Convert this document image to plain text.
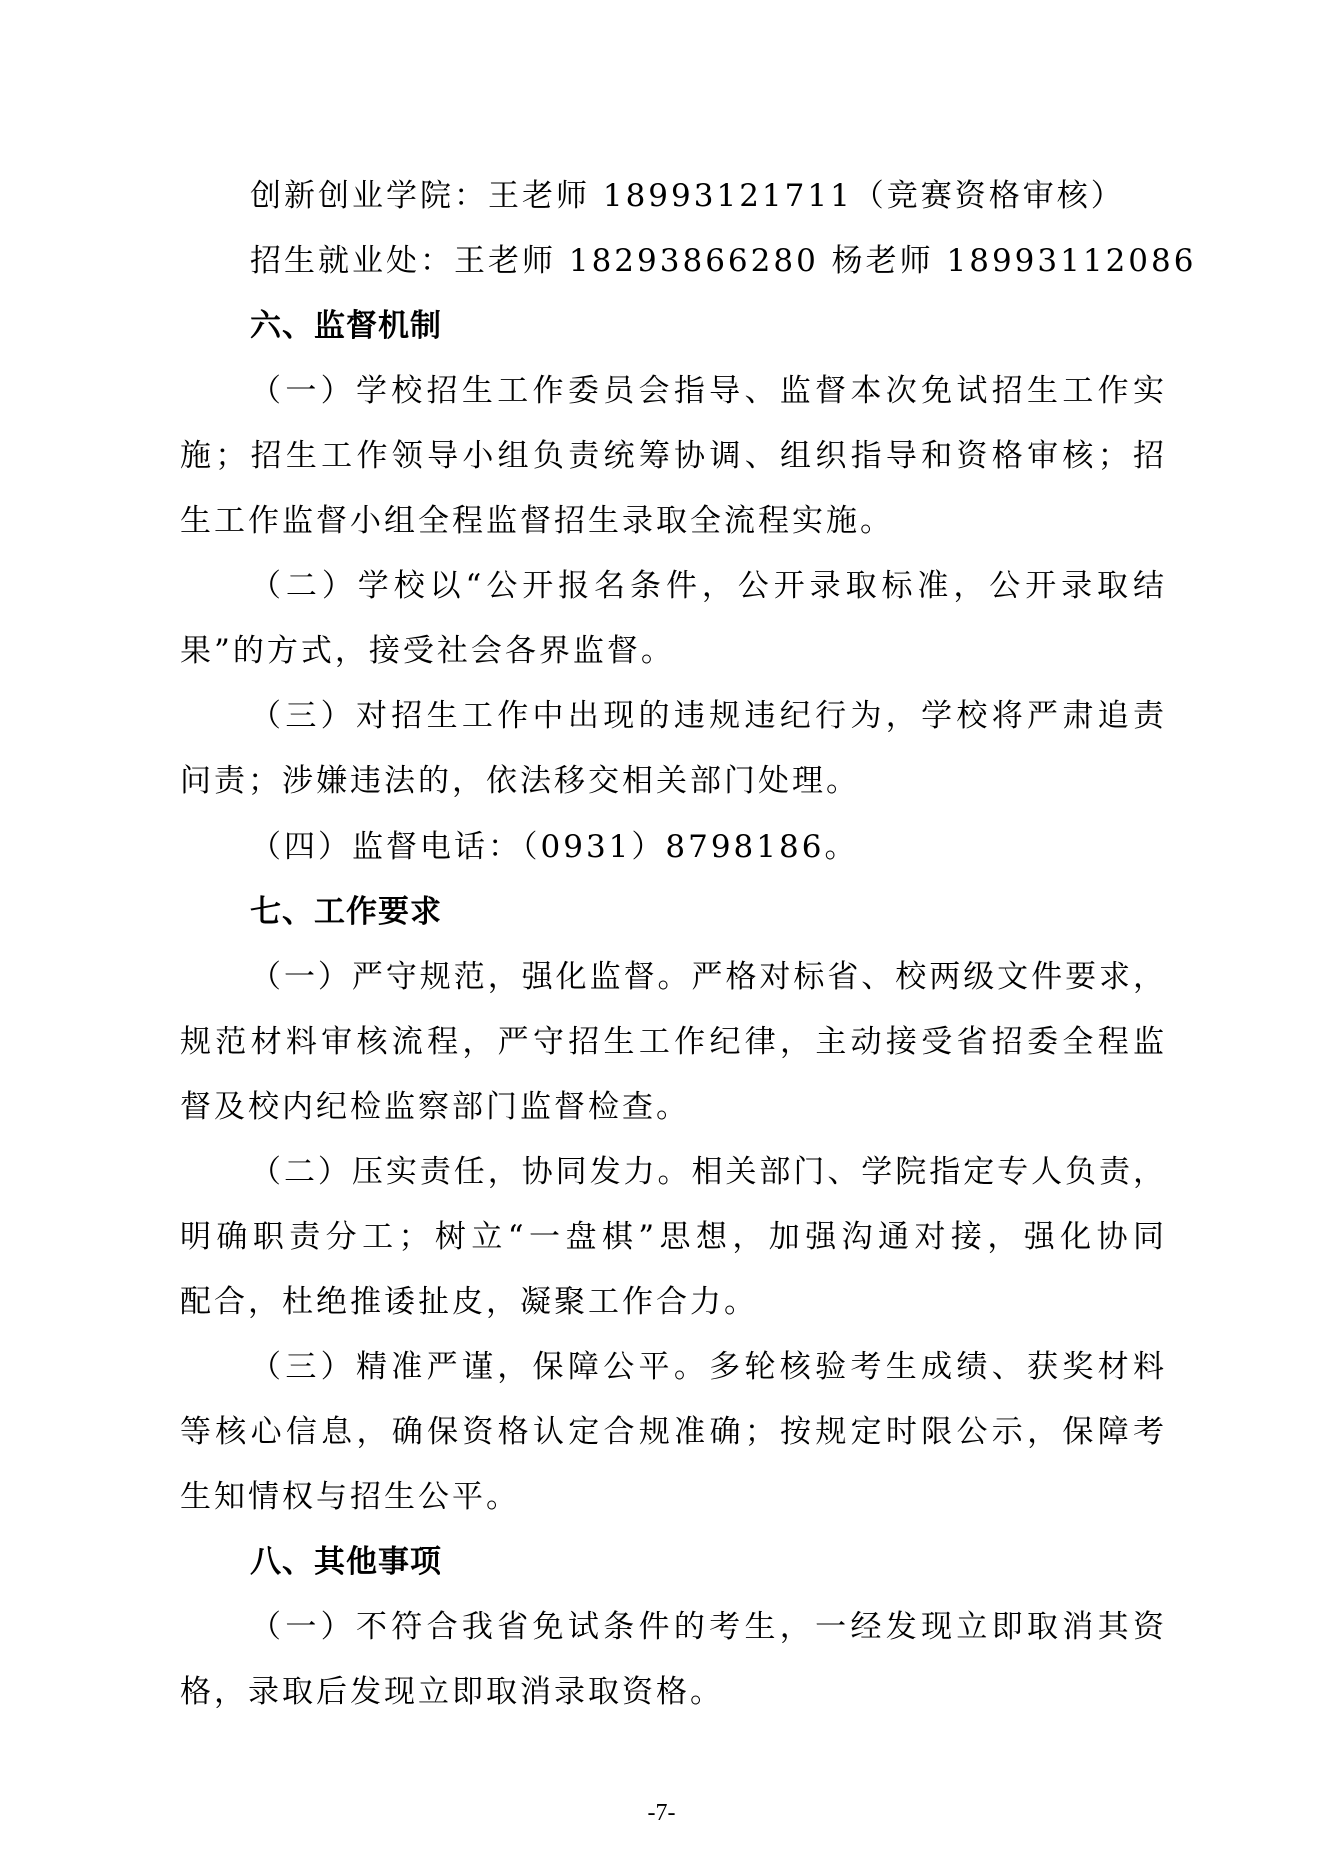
创新创业学院：王老师 18993121711（竞赛资格审核）
招生就业处：王老师 18293866280 杨老师 18993112086
六、监督机制
（一）学校招生工作委员会指导、监督本次免试招生工作实
施；招生工作领导小组负责统筹协调、组织指导和资格审核；招
生工作监督小组全程监督招生录取全流程实施。
（二）学校以“公开报名条件，公开录取标准，公开录取结
果”的方式，接受社会各界监督。
（三）对招生工作中出现的违规违纪行为，学校将严肃追责
问责；涉嫌违法的，依法移交相关部门处理。
（四）监督电话：（0931）8798186。
七、工作要求
（一）严守规范，强化监督。严格对标省、校两级文件要求，
规范材料审核流程，严守招生工作纪律，主动接受省招委全程监
督及校内纪检监察部门监督检查。
（二）压实责任，协同发力。相关部门、学院指定专人负责，
明确职责分工；树立“一盘棋”思想，加强沟通对接，强化协同
配合，杜绝推诿扯皮，凝聚工作合力。
（三）精准严谨，保障公平。多轮核验考生成绩、获奖材料
等核心信息，确保资格认定合规准确；按规定时限公示，保障考
生知情权与招生公平。
八、其他事项
（一）不符合我省免试条件的考生，一经发现立即取消其资
格，录取后发现立即取消录取资格。
-7-
